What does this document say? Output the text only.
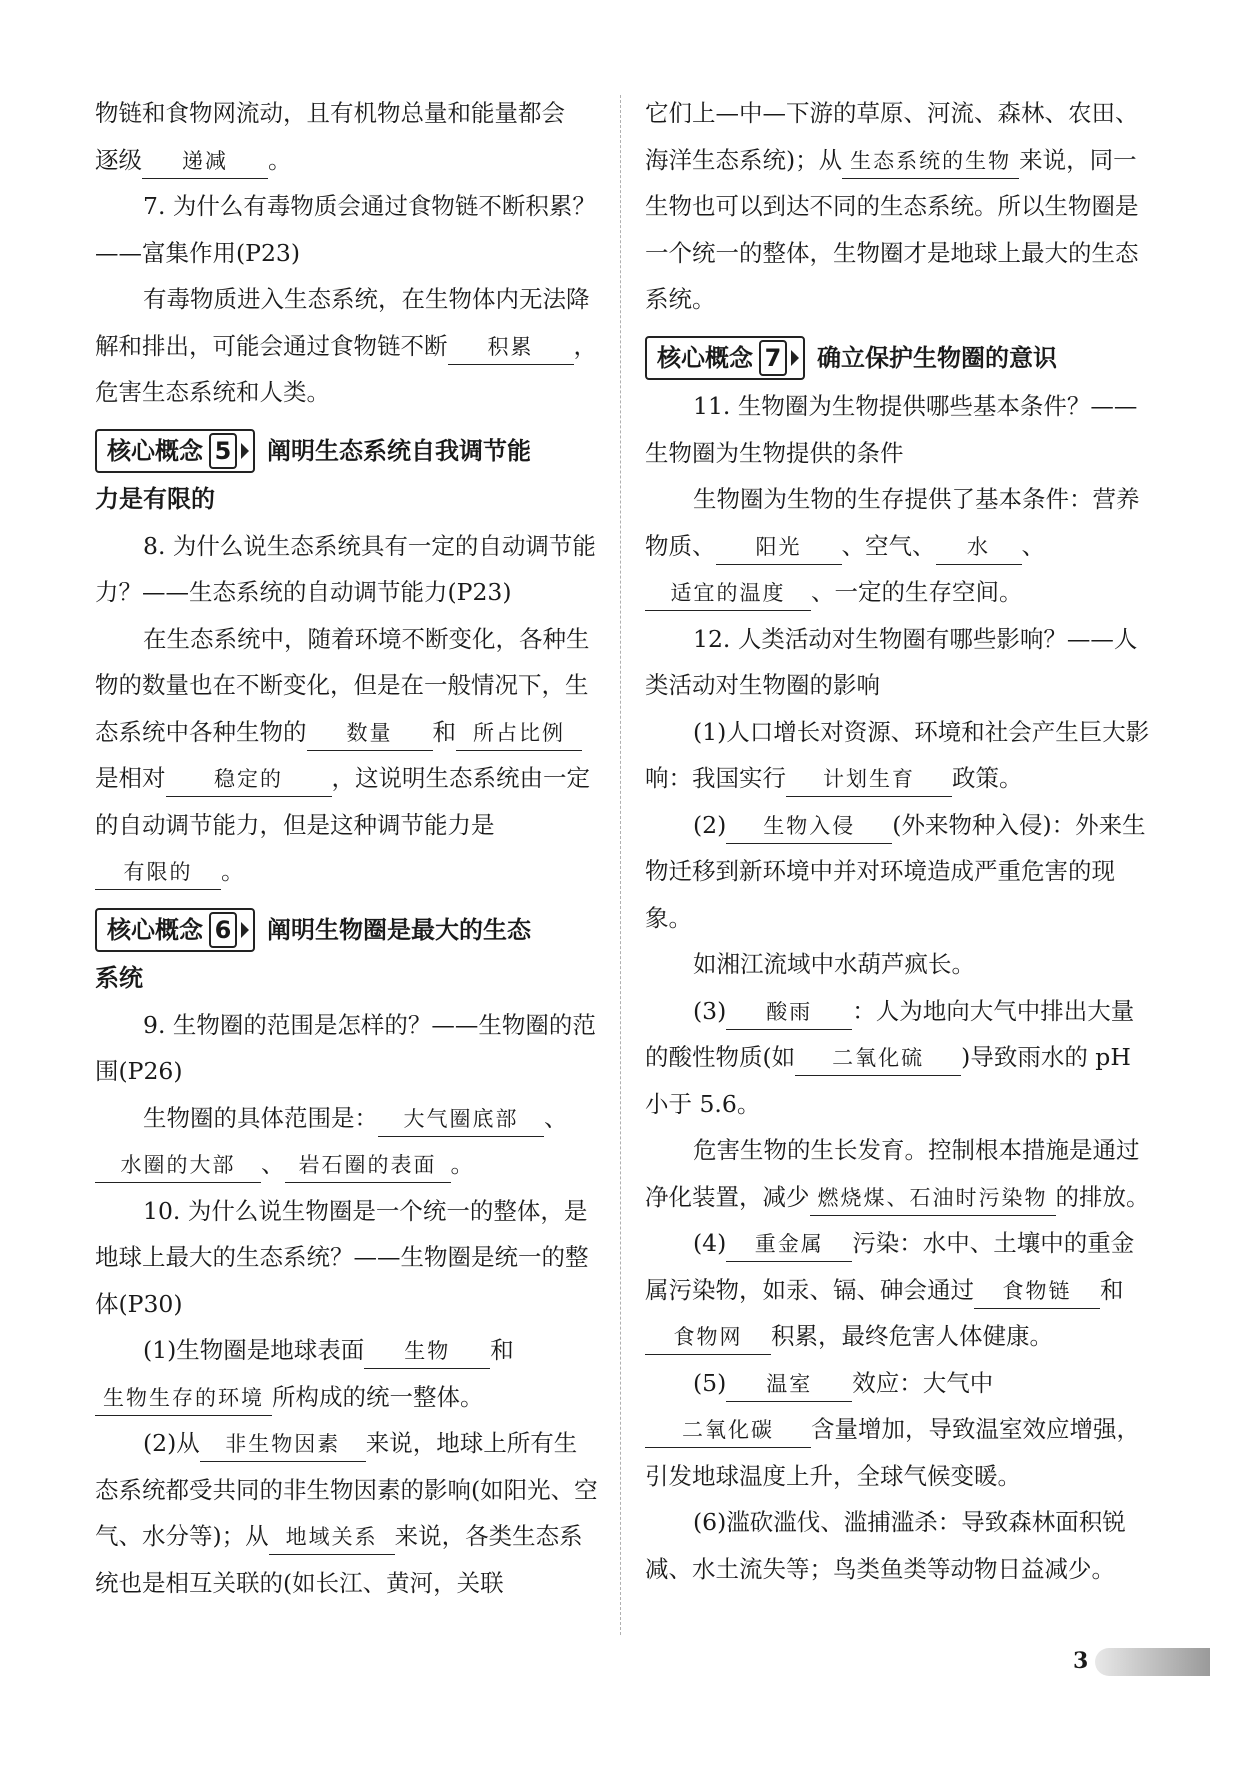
物链和食物网流动，且有机物总量和能量都会

逐级 递减 。

7. 为什么有毒物质会通过食物链不断积累？——富集作用(P23)

有毒物质进入生态系统，在生物体内无法降解和排出，可能会通过食物链不断 积累 ，危害生态系统和人类。

核心概念 5 阐明生态系统自我调节能

力是有限的

8. 为什么说生态系统具有一定的自动调节能力？——生态系统的自动调节能力(P23)

在生态系统中，随着环境不断变化，各种生物的数量也在不断变化，但是在一般情况下，生态系统中各种生物的 数量 和 所占比例是相对 稳定的 ，这说明生态系统由一定的自动调节能力，但是这种调节能力是有限的 。

核心概念 6 阐明生物圈是最大的生态

系统

9. 生物圈的范围是怎样的？——生物圈的范围(P26)

生物圈的具体范围是： 大气圈底部 、水圈的大部 、 岩石圈的表面 。

10. 为什么说生物圈是一个统一的整体，是地球上最大的生态系统？——生物圈是统一的整体(P30)

(1)生物圈是地球表面 生物 和生物生存的环境 所构成的统一整体。

(2)从 非生物因素 来说，地球上所有生态系统都受共同的非生物因素的影响(如阳光、空气、水分等)；从 地域关系 来说，各类生态系统也是相互关联的(如长江、黄河，关联

它们上—中—下游的草原、河流、森林、农田、海洋生态系统)；从 生态系统的生物 来说，同一生物也可以到达不同的生态系统。所以生物圈是一个统一的整体，生物圈才是地球上最大的生态系统。

核心概念 7 确立保护生物圈的意识

11. 生物圈为生物提供哪些基本条件？——生物圈为生物提供的条件

生物圈为生物的生存提供了基本条件：营养物质、 阳光 、空气、 水 、适宜的温度 、一定的生存空间。

12. 人类活动对生物圈有哪些影响？——人类活动对生物圈的影响

(1)人口增长对资源、环境和社会产生巨大影响：我国实行 计划生育 政策。

(2) 生物入侵 (外来物种入侵)：外来生物迁移到新环境中并对环境造成严重危害的现象。

如湘江流域中水葫芦疯长。

(3) 酸雨 ：人为地向大气中排出大量的酸性物质(如 二氧化硫 )导致雨水的 pH 小于 5.6。

危害生物的生长发育。控制根本措施是通过净化装置，减少 燃烧煤、石油时污染物 的排放。

(4) 重金属 污染：水中、土壤中的重金属污染物，如汞、镉、砷会通过 食物链 和食物网 积累，最终危害人体健康。

(5) 温室 效应：大气中二氧化碳 含量增加，导致温室效应增强，引发地球温度上升，全球气候变暖。

(6)滥砍滥伐、滥捕滥杀：导致森林面积锐减、水土流失等；鸟类鱼类等动物日益减少。

3
